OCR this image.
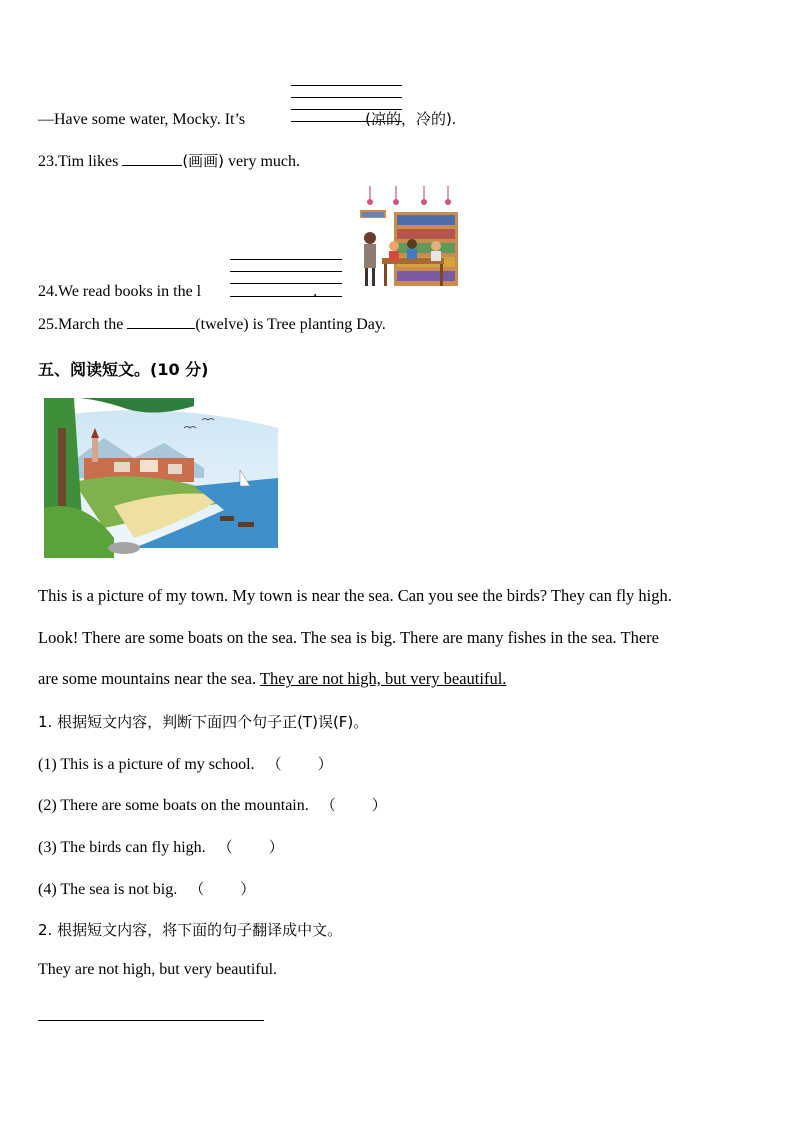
—Have some water, Mocky. It’s	(凉的，冷的).
23.Tim likes	(画画) very much.
24.We read books in the l	.
25.March the	(twelve) is Tree planting Day.
五、阅读短文。(10 分)
This is a picture of my town. My town is near the sea. Can you see the birds? They can fly high.
Look! There are some boats on the sea. The sea is big. There are many fishes in the sea. There
are some mountains near the sea. They are not high, but very beautiful.
1. 根据短文内容，判断下面四个句子正(T)误(F)。
(1) This is a picture of my school. （ ）
(2) There are some boats on the mountain. （ ）
(3) The birds can fly high. （ ）
(4) The sea is not big. （ ）
2. 根据短文内容，将下面的句子翻译成中文。
They are not high, but very beautiful.
